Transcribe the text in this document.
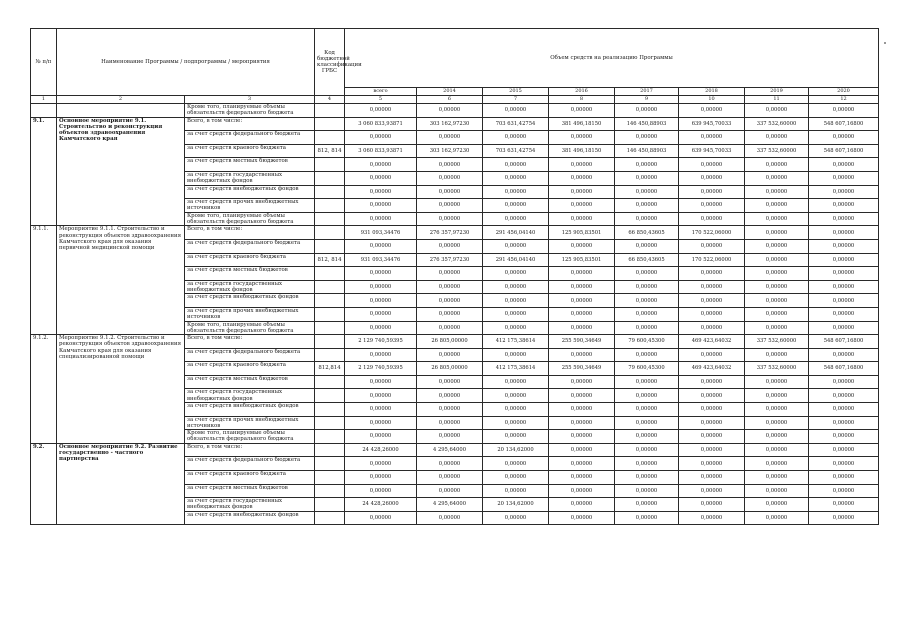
№ п/п	Наименование Программы / подпрограммы / мероприятия		Код бюджетной классификации ГРБС	Объем средств на реализацию Программы							
				всего	2014	2015	2016	2017	2018	2019	2020
1	2	3	4	5	6	7	8	9	10	11	12
		Кроме того, планируемые объемы обязательств федерального бюджета		0,00000	0,00000	0,00000	0,00000	0,00000	0,00000	0,00000	0,00000
9.1.	Основное мероприятие 9.1. Строительство и реконструкция объектов здравоохранения Камчатского края	Всего, в том числе:		3 060 833,93871	303 162,97230	703 631,42754	381 496,18150	146 450,88903	639 945,70033	337 532,60000	548 607,16800
		за счет средств федерального бюджета		0,00000	0,00000	0,00000	0,00000	0,00000	0,00000	0,00000	0,00000
		за счет средств краевого бюджета	812, 814	3 060 833,93871	303 162,97230	703 631,42754	381 496,18150	146 450,88903	639 945,70033	337 532,60000	548 607,16800
		за счет средств местных бюджетов		0,00000	0,00000	0,00000	0,00000	0,00000	0,00000	0,00000	0,00000
		за счет средств государственных внебюджетных фондов		0,00000	0,00000	0,00000	0,00000	0,00000	0,00000	0,00000	0,00000
		за счет средств внебюджетных фондов		0,00000	0,00000	0,00000	0,00000	0,00000	0,00000	0,00000	0,00000
		за счет средств прочих внебюджетных источников		0,00000	0,00000	0,00000	0,00000	0,00000	0,00000	0,00000	0,00000
		Кроме того, планируемые объемы обязательств федерального бюджета		0,00000	0,00000	0,00000	0,00000	0,00000	0,00000	0,00000	0,00000
9.1.1.	Мероприятие 9.1.1. Строительство и реконструкция объектов здравоохранения Камчатского края для оказания первичной медицинской помощи	Всего, в том числе:		931 093,34476	276 357,97230	291 456,04140	125 905,83501	66 850,43605	170 522,06000	0,00000	0,00000
		за счет средств федерального бюджета		0,00000	0,00000	0,00000	0,00000	0,00000	0,00000	0,00000	0,00000
		за счет средств краевого бюджета	812, 814	931 093,34476	276 357,97230	291 456,04140	125 905,83501	66 850,43605	170 522,06000	0,00000	0,00000
		за счет средств местных бюджетов		0,00000	0,00000	0,00000	0,00000	0,00000	0,00000	0,00000	0,00000
		за счет средств государственных внебюджетных фондов		0,00000	0,00000	0,00000	0,00000	0,00000	0,00000	0,00000	0,00000
		за счет средств внебюджетных фондов		0,00000	0,00000	0,00000	0,00000	0,00000	0,00000	0,00000	0,00000
		за счет средств прочих внебюджетных источников		0,00000	0,00000	0,00000	0,00000	0,00000	0,00000	0,00000	0,00000
		Кроме того, планируемые объемы обязательств федерального бюджета		0,00000	0,00000	0,00000	0,00000	0,00000	0,00000	0,00000	0,00000
9.1.2.	Мероприятие 9.1.2. Строительство и реконструкция объектов здравоохранения Камчатского края для оказания специализированной помощи	Всего, в том числе:		2 129 740,59395	26 805,00000	412 175,38614	255 590,34649	79 600,45300	469 423,64032	337 532,60000	548 607,16800
		за счет средств федерального бюджета		0,00000	0,00000	0,00000	0,00000	0,00000	0,00000	0,00000	0,00000
		за счет средств краевого бюджета	812,814	2 129 740,59395	26 805,00000	412 175,38614	255 590,34649	79 600,45300	469 423,64032	337 532,60000	548 607,16800
		за счет средств местных бюджетов		0,00000	0,00000	0,00000	0,00000	0,00000	0,00000	0,00000	0,00000
		за счет средств государственных внебюджетных фондов		0,00000	0,00000	0,00000	0,00000	0,00000	0,00000	0,00000	0,00000
		за счет средств внебюджетных фондов		0,00000	0,00000	0,00000	0,00000	0,00000	0,00000	0,00000	0,00000
		за счет средств прочих внебюджетных источников		0,00000	0,00000	0,00000	0,00000	0,00000	0,00000	0,00000	0,00000
		Кроме того, планируемые объемы обязательств федерального бюджета		0,00000	0,00000	0,00000	0,00000	0,00000	0,00000	0,00000	0,00000
9.2.	Основное мероприятие 9.2. Развитие государственно - частного партнерства	Всего, в том числе:		24 428,26000	4 295,64000	20 134,62000	0,00000	0,00000	0,00000	0,00000	0,00000
		за счет средств федерального бюджета		0,00000	0,00000	0,00000	0,00000	0,00000	0,00000	0,00000	0,00000
		за счет средств краевого бюджета		0,00000	0,00000	0,00000	0,00000	0,00000	0,00000	0,00000	0,00000
		за счет средств местных бюджетов		0,00000	0,00000	0,00000	0,00000	0,00000	0,00000	0,00000	0,00000
		за счет средств государственных внебюджетных фондов		24 428,26000	4 295,64000	20 134,62000	0,00000	0,00000	0,00000	0,00000	0,00000
		за счет средств внебюджетных фондов		0,00000	0,00000	0,00000	0,00000	0,00000	0,00000	0,00000	0,00000
